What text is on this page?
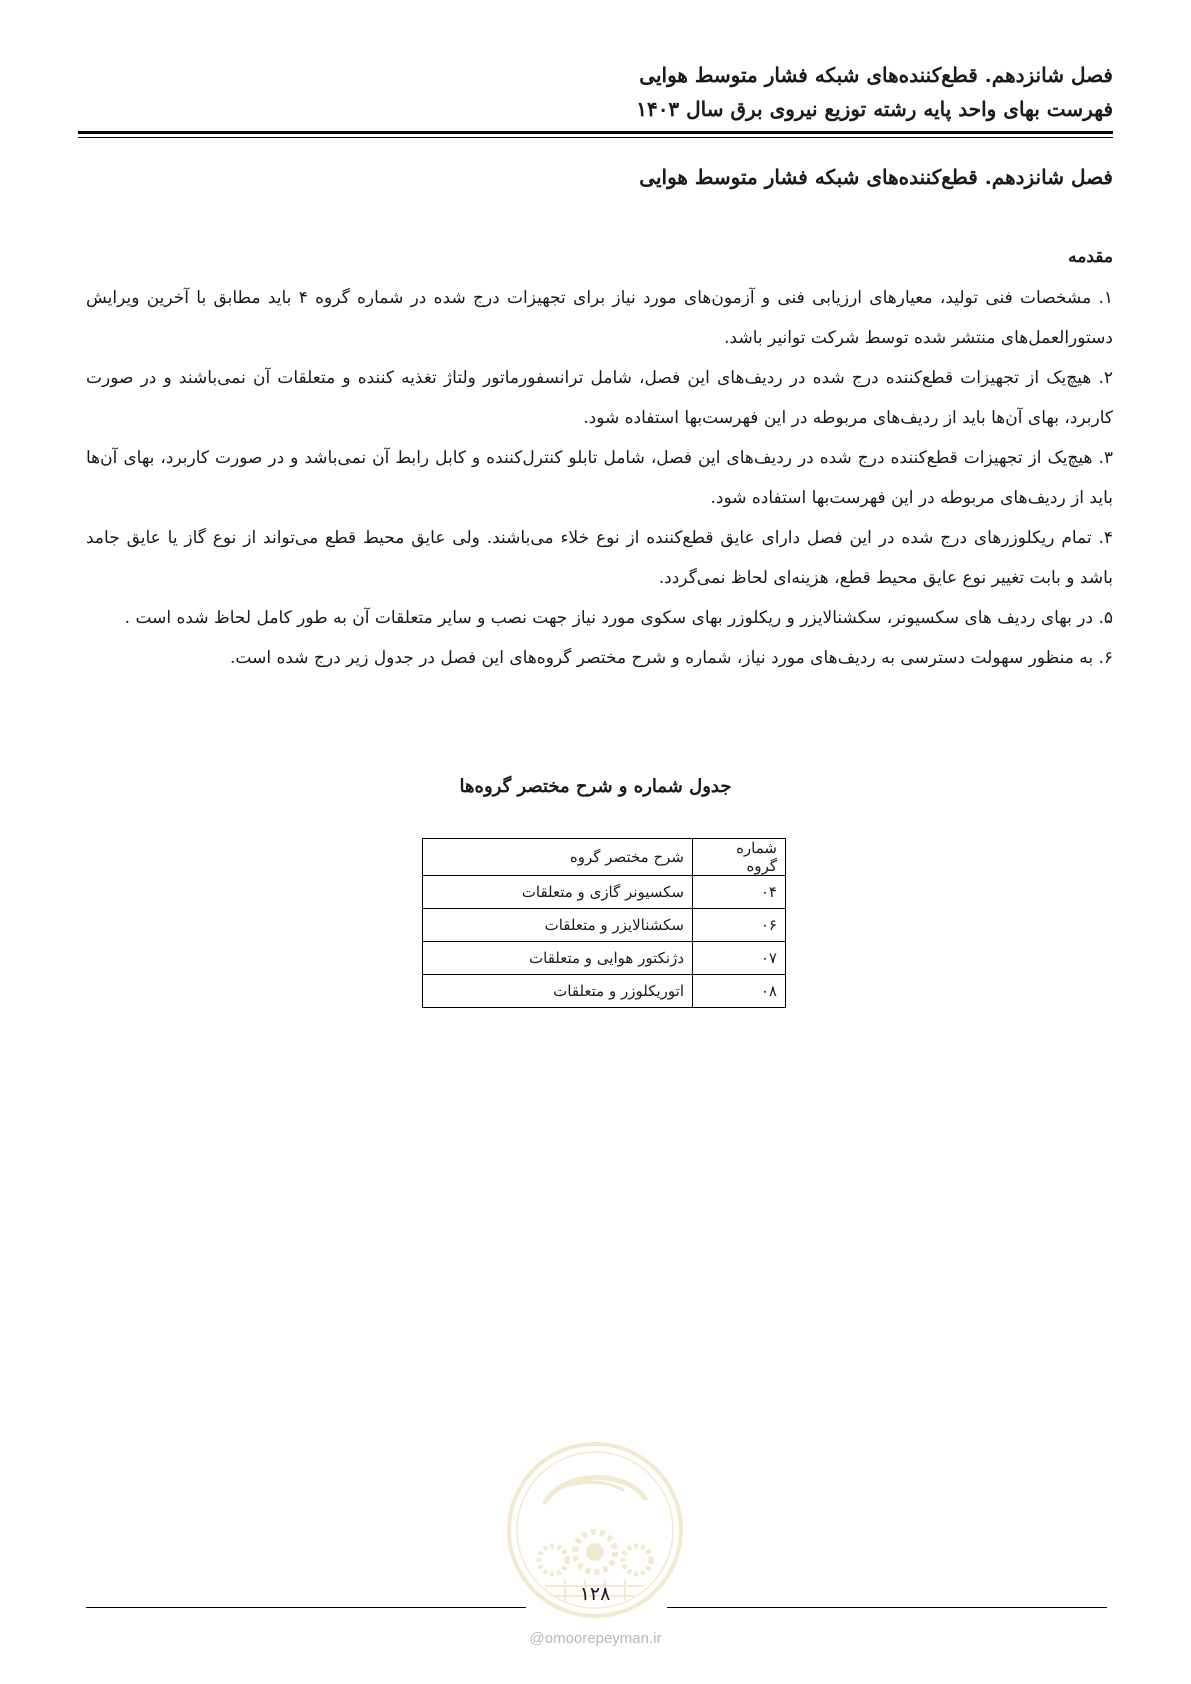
فصل شانزدهم. قطع‌کننده‌های شبکه فشار متوسط هوایی
فهرست بهای واحد پایه رشته توزیع نیروی برق سال ۱۴۰۳
فصل شانزدهم. قطع‌کننده‌های شبکه فشار متوسط هوایی
مقدمه
۱. مشخصات فنی تولید، معیارهای ارزیابی فنی و آزمون‌های مورد نیاز برای تجهیزات درج شده در شماره گروه ۴ باید مطابق با آخرین ویرایش دستورالعمل‌های منتشر شده توسط شرکت توانیر باشد.
۲. هیچ‌یک از تجهیزات قطع‌کننده درج شده در ردیف‌های این فصل، شامل ترانسفورماتور ولتاژ تغذیه کننده و متعلقات آن نمی‌باشند و در صورت کاربرد، بهای آن‌ها باید از ردیف‌های مربوطه در این فهرست‌بها استفاده شود.
۳. هیچ‌یک از تجهیزات قطع‌کننده درج شده در ردیف‌های این فصل، شامل تابلو کنترل‌کننده و کابل رابط آن نمی‌باشد و در صورت کاربرد، بهای آن‌ها باید از ردیف‌های مربوطه در این فهرست‌بها استفاده شود.
۴. تمام ریکلوزرهای درج شده در این فصل دارای عایق قطع‌کننده از نوع خلاء می‌باشند. ولی عایق محیط قطع می‌تواند از نوع گاز یا عایق جامد باشد و بابت تغییر نوع عایق محیط قطع، هزینه‌ای لحاظ نمی‌گردد.
۵. در بهای ردیف های سکسیونر، سکشنالایزر و ریکلوزر بهای سکوی مورد نیاز جهت نصب و سایر متعلقات آن به طور کامل لحاظ شده است .
۶. به منظور سهولت دسترسی به ردیف‌های مورد نیاز، شماره و شرح مختصر گروه‌های این فصل در جدول زیر درج شده است.
جدول شماره و شرح مختصر گروه‌ها
شماره گروه	شرح مختصر گروه
۰۴	سکسیونر گازی و متعلقات
۰۶	سکشنالایزر و متعلقات
۰۷	دژنکتور هوایی و متعلقات
۰۸	اتوریکلوزر و متعلقات
۱۲۸
@omoorepeyman.ir
